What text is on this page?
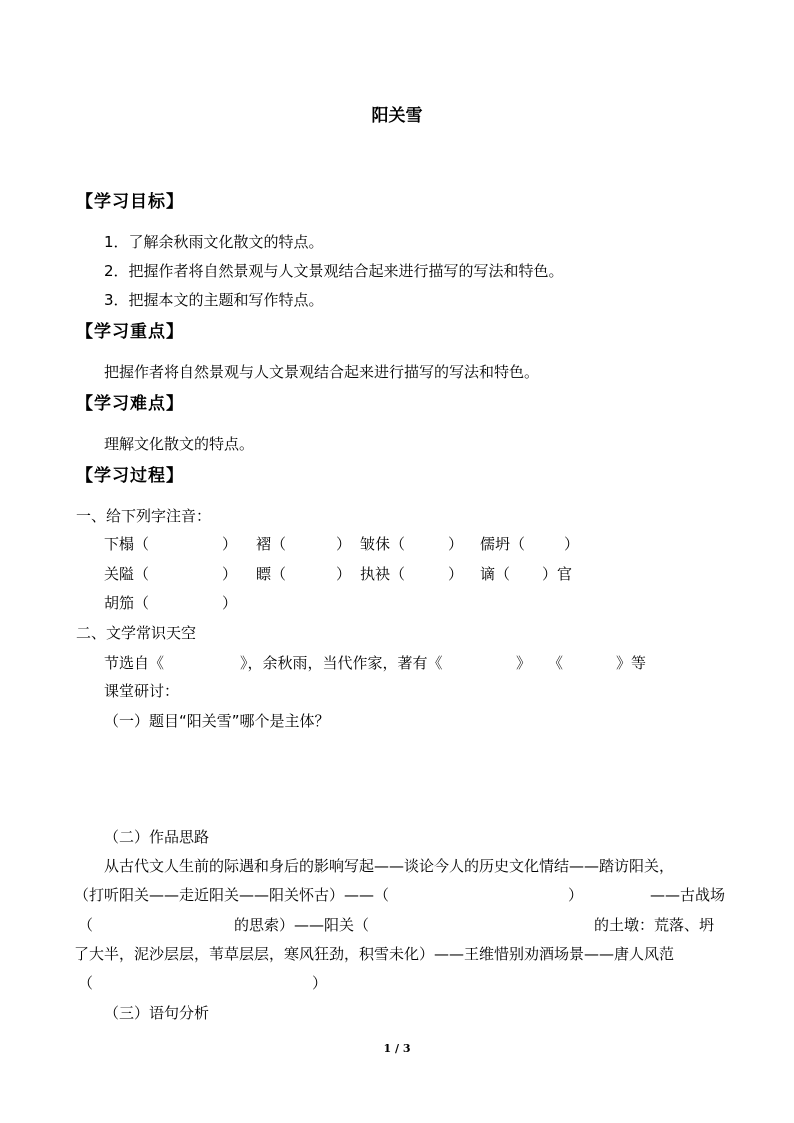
阳关雪
【学习目标】
1．了解余秋雨文化散文的特点。
2．把握作者将自然景观与人文景观结合起来进行描写的写法和特色。
3．把握本文的主题和写作特点。
【学习重点】
把握作者将自然景观与人文景观结合起来进行描写的写法和特色。
【学习难点】
理解文化散文的特点。
【学习过程】
一、给下列字注音：
下榻（	） 褶（	） 皱佅（	） 儒坍（	）
关隘（	） 瞟（	） 执袂（	） 谪（ ）官
胡笳（	）
二、文学常识天空
节选自《	》，余秋雨，当代作家，著有《	》 《	》等
课堂研讨：
（一）题目“阳关雪”哪个是主体？
（二）作品思路
从古代文人生前的际遇和身后的影响写起——谈论今人的历史文化情结——踏访阳关，
（打听阳关——走近阳关——阳关怀古）——（	）	——古战场
（	的思索）——阳关（	的土墩：荒落、坍
了大半，泥沙层层，苇草层层，寒风狂劲，积雪未化）——王维惜别劝酒场景——唐人风范
（	）
（三）语句分析
1 / 3
